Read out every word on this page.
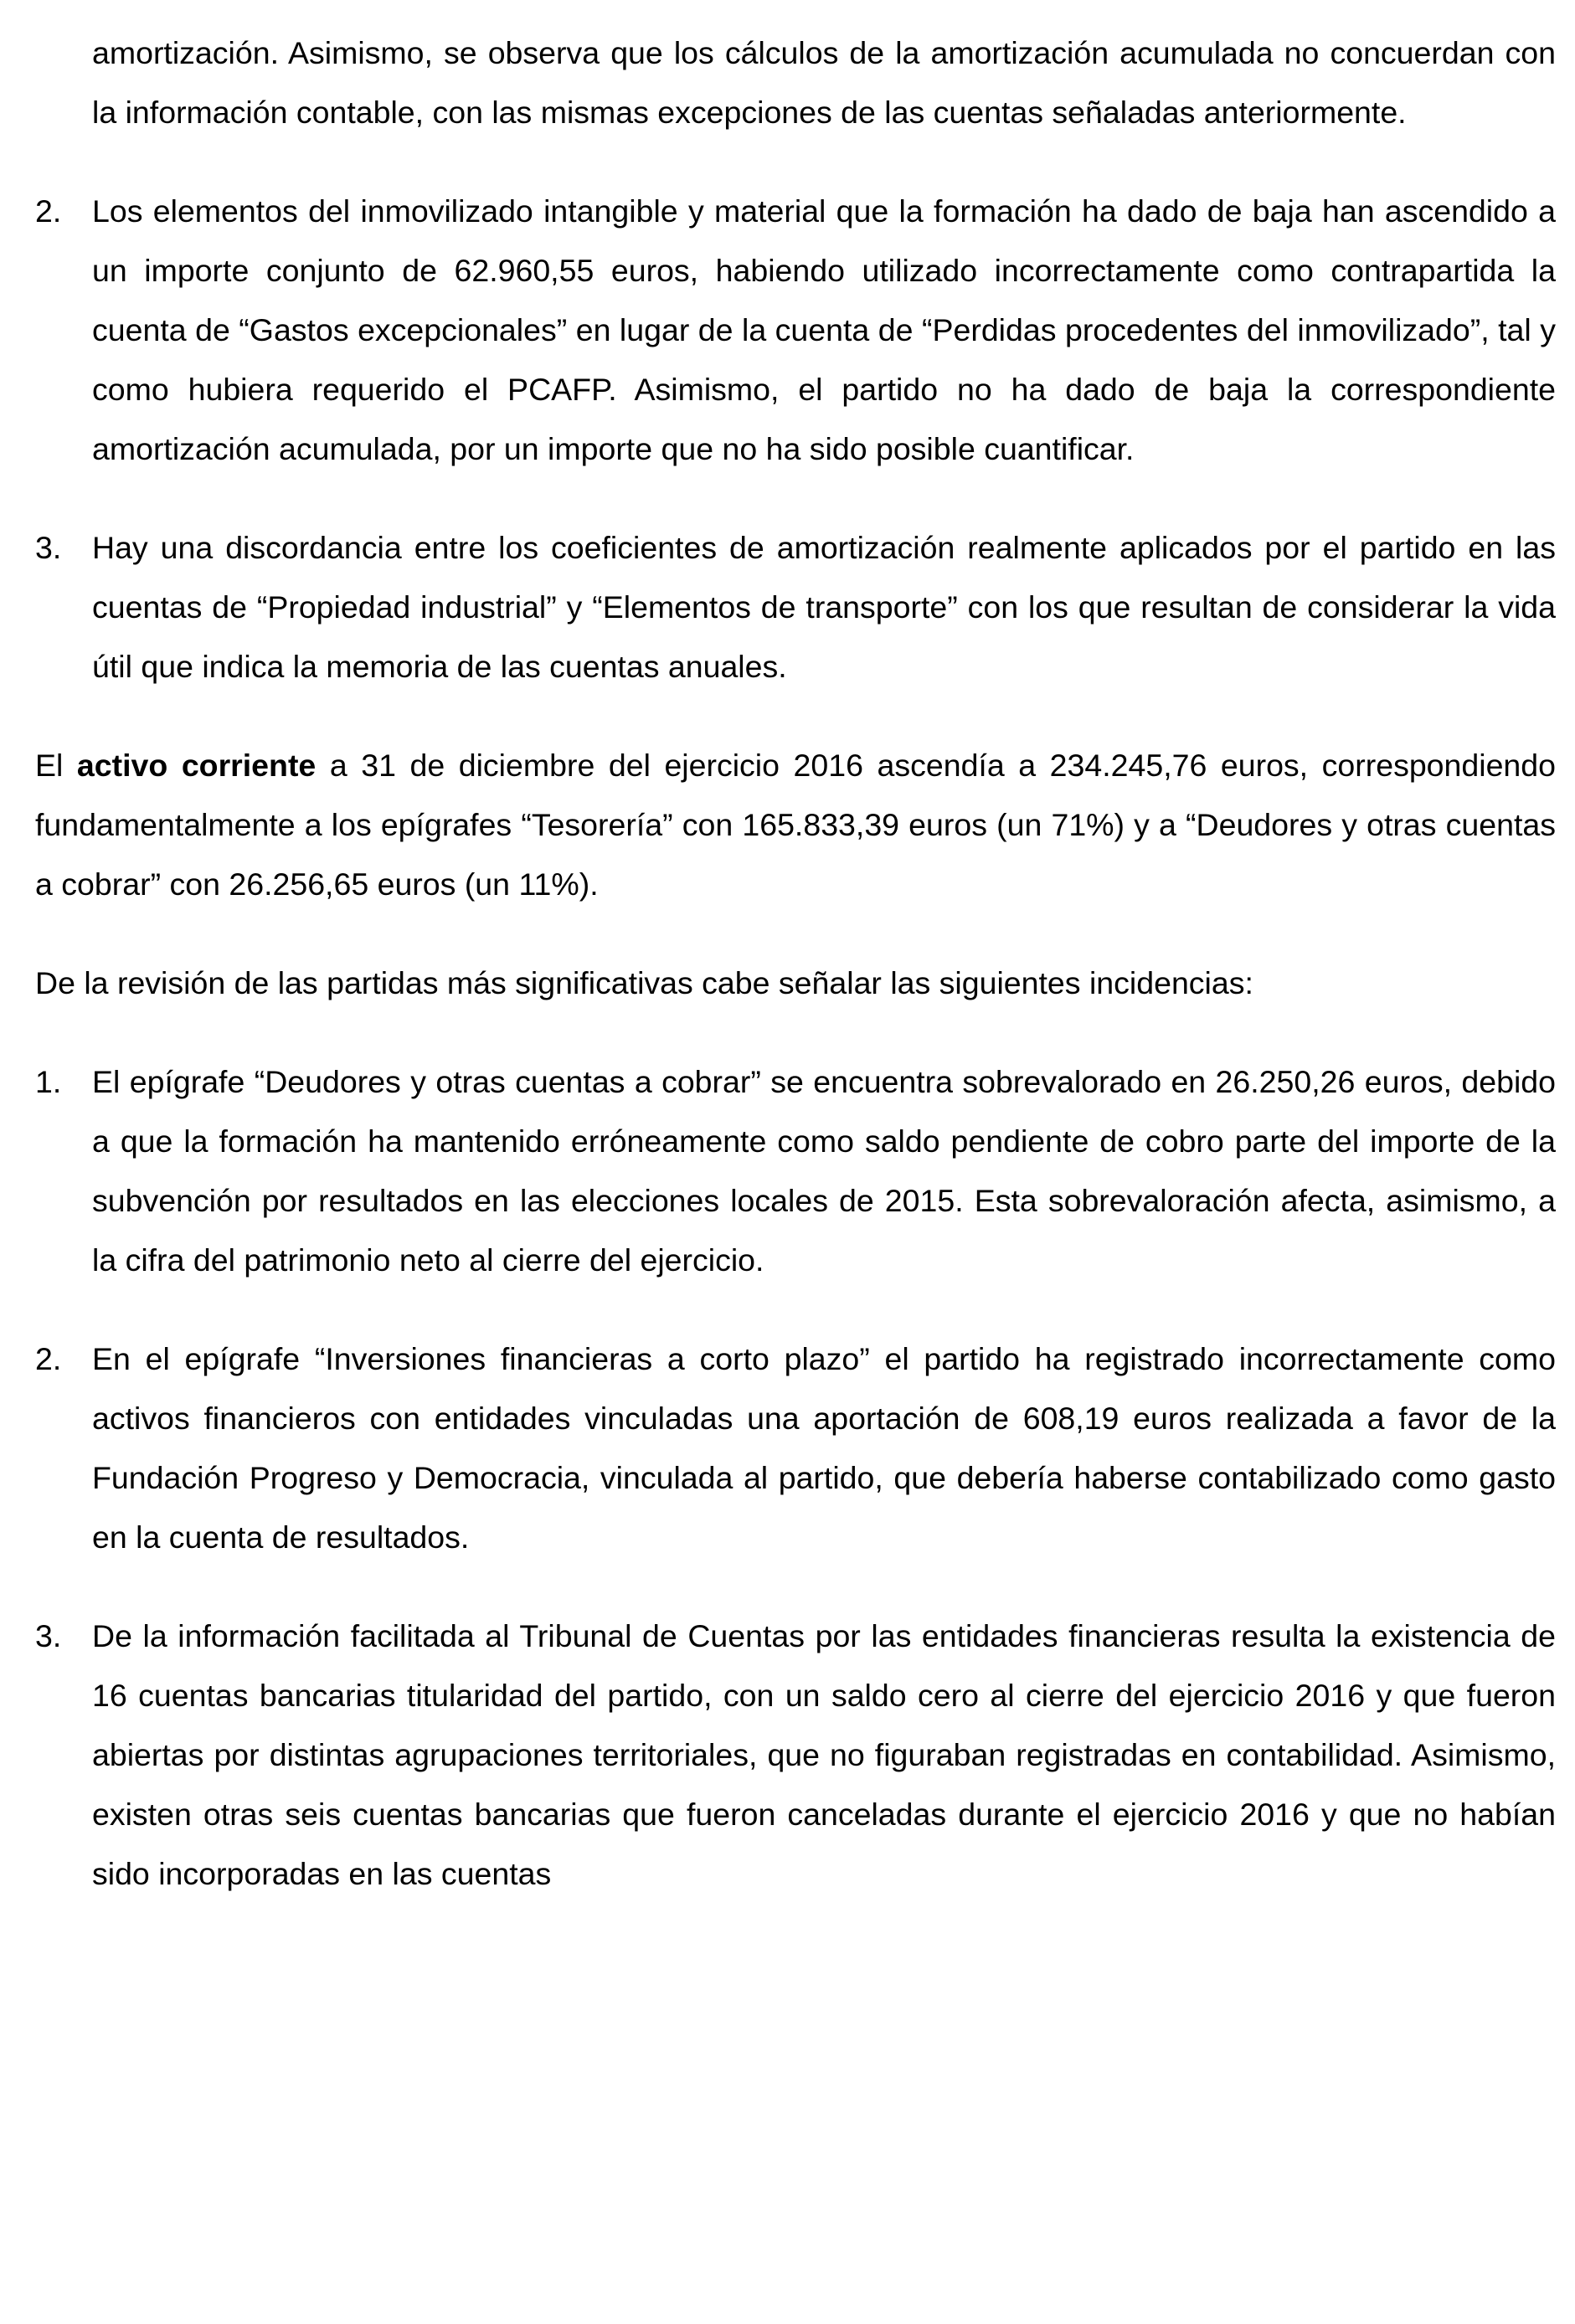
amortización. Asimismo, se observa que los cálculos de la amortización acumulada no concuerdan con la información contable, con las mismas excepciones de las cuentas señaladas anteriormente.

2. Los elementos del inmovilizado intangible y material que la formación ha dado de baja han ascendido a un importe conjunto de 62.960,55 euros, habiendo utilizado incorrectamente como contrapartida la cuenta de “Gastos excepcionales” en lugar de la cuenta de “Perdidas procedentes del inmovilizado”, tal y como hubiera requerido el PCAFP. Asimismo, el partido no ha dado de baja la correspondiente amortización acumulada, por un importe que no ha sido posible cuantificar.

3. Hay una discordancia entre los coeficientes de amortización realmente aplicados por el partido en las cuentas de “Propiedad industrial” y “Elementos de transporte” con los que resultan de considerar la vida útil que indica la memoria de las cuentas anuales.

El activo corriente a 31 de diciembre del ejercicio 2016 ascendía a 234.245,76 euros, correspondiendo fundamentalmente a los epígrafes “Tesorería” con 165.833,39 euros (un 71%) y a “Deudores y otras cuentas a cobrar” con 26.256,65 euros (un 11%).

De la revisión de las partidas más significativas cabe señalar las siguientes incidencias:

1. El epígrafe “Deudores y otras cuentas a cobrar” se encuentra sobrevalorado en 26.250,26 euros, debido a que la formación ha mantenido erróneamente como saldo pendiente de cobro parte del importe de la subvención por resultados en las elecciones locales de 2015. Esta sobrevaloración afecta, asimismo, a la cifra del patrimonio neto al cierre del ejercicio.

2. En el epígrafe “Inversiones financieras a corto plazo” el partido ha registrado incorrectamente como activos financieros con entidades vinculadas una aportación de 608,19 euros realizada a favor de la Fundación Progreso y Democracia, vinculada al partido, que debería haberse contabilizado como gasto en la cuenta de resultados.

3. De la información facilitada al Tribunal de Cuentas por las entidades financieras resulta la existencia de 16 cuentas bancarias titularidad del partido, con un saldo cero al cierre del ejercicio 2016 y que fueron abiertas por distintas agrupaciones territoriales, que no figuraban registradas en contabilidad. Asimismo, existen otras seis cuentas bancarias que fueron canceladas durante el ejercicio 2016 y que no habían sido incorporadas en las cuentas
